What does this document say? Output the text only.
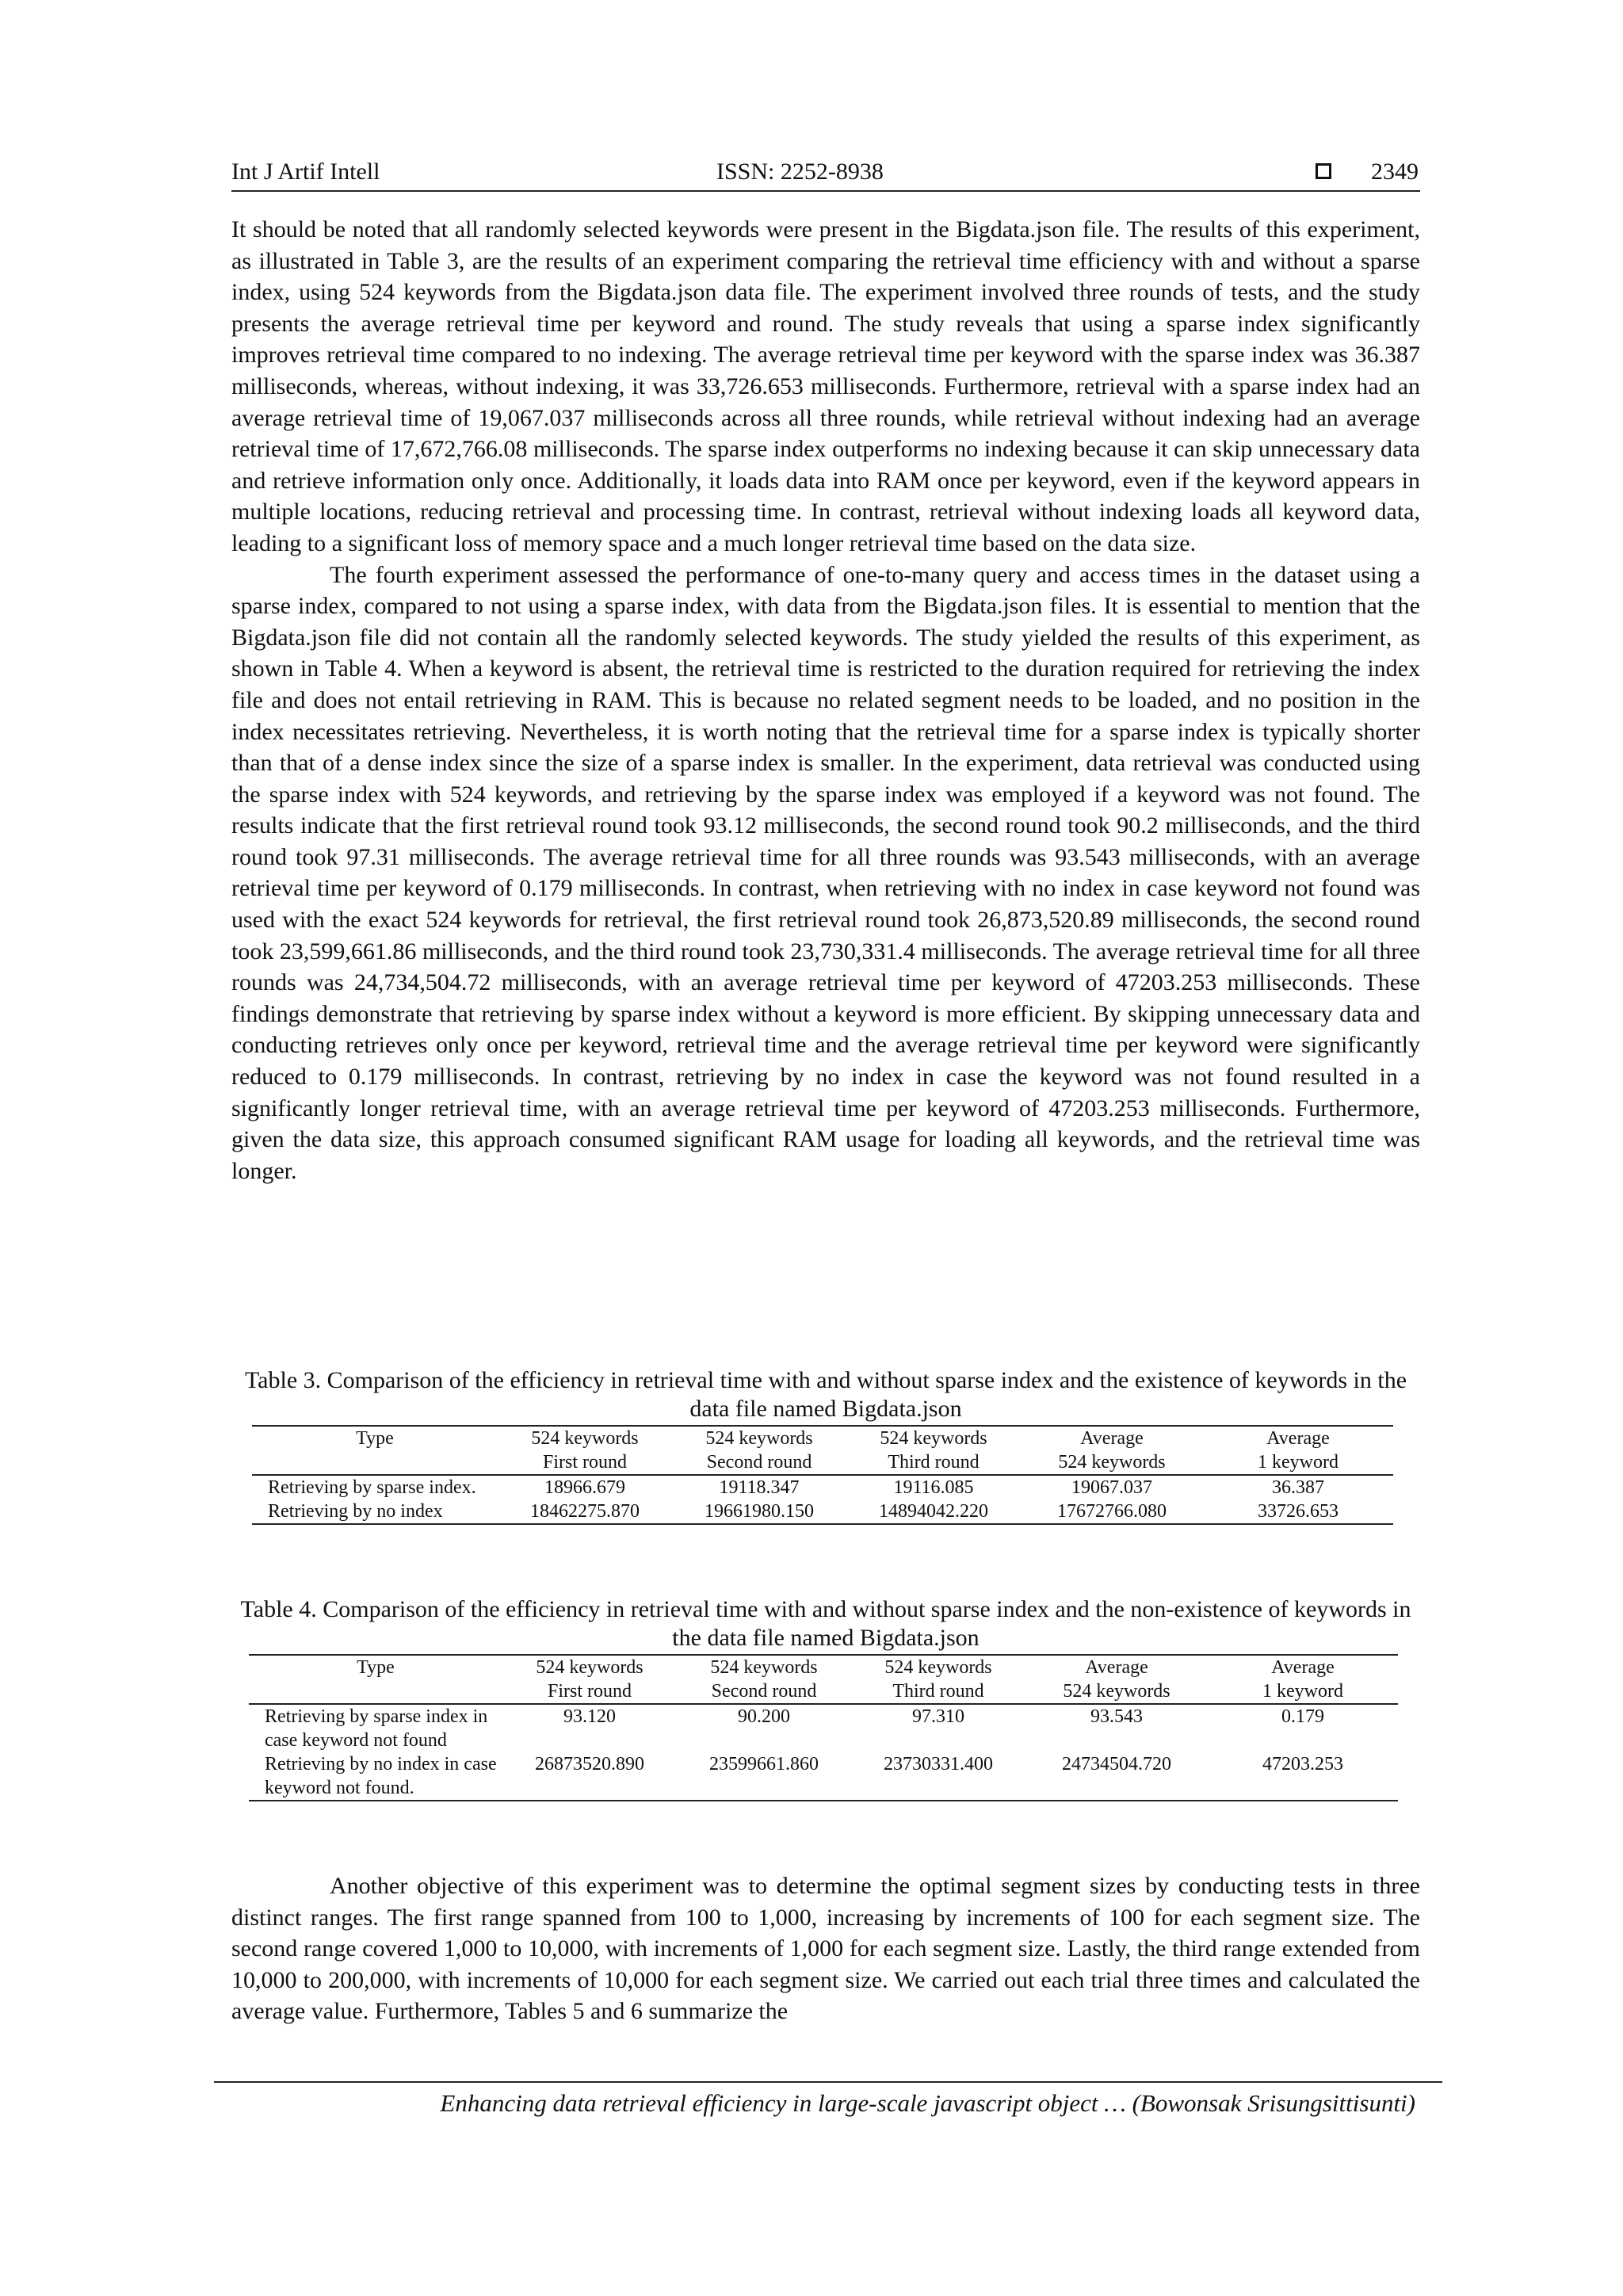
Int J Artif Intell	ISSN: 2252-8938	2349

It should be noted that all randomly selected keywords were present in the Bigdata.json file. The results of this experiment, as illustrated in Table 3, are the results of an experiment comparing the retrieval time efficiency with and without a sparse index, using 524 keywords from the Bigdata.json data file. The experiment involved three rounds of tests, and the study presents the average retrieval time per keyword and round. The study reveals that using a sparse index significantly improves retrieval time compared to no indexing. The average retrieval time per keyword with the sparse index was 36.387 milliseconds, whereas, without indexing, it was 33,726.653 milliseconds. Furthermore, retrieval with a sparse index had an average retrieval time of 19,067.037 milliseconds across all three rounds, while retrieval without indexing had an average retrieval time of 17,672,766.08 milliseconds. The sparse index outperforms no indexing because it can skip unnecessary data and retrieve information only once. Additionally, it loads data into RAM once per keyword, even if the keyword appears in multiple locations, reducing retrieval and processing time. In contrast, retrieval without indexing loads all keyword data, leading to a significant loss of memory space and a much longer retrieval time based on the data size.

The fourth experiment assessed the performance of one-to-many query and access times in the dataset using a sparse index, compared to not using a sparse index, with data from the Bigdata.json files. It is essential to mention that the Bigdata.json file did not contain all the randomly selected keywords. The study yielded the results of this experiment, as shown in Table 4. When a keyword is absent, the retrieval time is restricted to the duration required for retrieving the index file and does not entail retrieving in RAM. This is because no related segment needs to be loaded, and no position in the index necessitates retrieving. Nevertheless, it is worth noting that the retrieval time for a sparse index is typically shorter than that of a dense index since the size of a sparse index is smaller. In the experiment, data retrieval was conducted using the sparse index with 524 keywords, and retrieving by the sparse index was employed if a keyword was not found. The results indicate that the first retrieval round took 93.12 milliseconds, the second round took 90.2 milliseconds, and the third round took 97.31 milliseconds. The average retrieval time for all three rounds was 93.543 milliseconds, with an average retrieval time per keyword of 0.179 milliseconds. In contrast, when retrieving with no index in case keyword not found was used with the exact 524 keywords for retrieval, the first retrieval round took 26,873,520.89 milliseconds, the second round took 23,599,661.86 milliseconds, and the third round took 23,730,331.4 milliseconds. The average retrieval time for all three rounds was 24,734,504.72 milliseconds, with an average retrieval time per keyword of 47203.253 milliseconds. These findings demonstrate that retrieving by sparse index without a keyword is more efficient. By skipping unnecessary data and conducting retrieves only once per keyword, retrieval time and the average retrieval time per keyword were significantly reduced to 0.179 milliseconds. In contrast, retrieving by no index in case the keyword was not found resulted in a significantly longer retrieval time, with an average retrieval time per keyword of 47203.253 milliseconds. Furthermore, given the data size, this approach consumed significant RAM usage for loading all keywords, and the retrieval time was longer.

Table 3. Comparison of the efficiency in retrieval time with and without sparse index and the existence of keywords in the data file named Bigdata.json
Type	524 keywords	524 keywords	524 keywords	Average	Average
	First round	Second round	Third round	524 keywords	1 keyword
Retrieving by sparse index.	18966.679	19118.347	19116.085	19067.037	36.387
Retrieving by no index	18462275.870	19661980.150	14894042.220	17672766.080	33726.653
Table 4. Comparison of the efficiency in retrieval time with and without sparse index and the non-existence of keywords in the data file named Bigdata.json
Type	524 keywords	524 keywords	524 keywords	Average	Average
	First round	Second round	Third round	524 keywords	1 keyword
Retrieving by sparse index in case keyword not found	93.120	90.200	97.310	93.543	0.179
Retrieving by no index in case keyword not found.	26873520.890	23599661.860	23730331.400	24734504.720	47203.253

Another objective of this experiment was to determine the optimal segment sizes by conducting tests in three distinct ranges. The first range spanned from 100 to 1,000, increasing by increments of 100 for each segment size. The second range covered 1,000 to 10,000, with increments of 1,000 for each segment size. Lastly, the third range extended from 10,000 to 200,000, with increments of 10,000 for each segment size. We carried out each trial three times and calculated the average value. Furthermore, Tables 5 and 6 summarize the

Enhancing data retrieval efficiency in large-scale javascript object … (Bowonsak Srisungsittisunti)
